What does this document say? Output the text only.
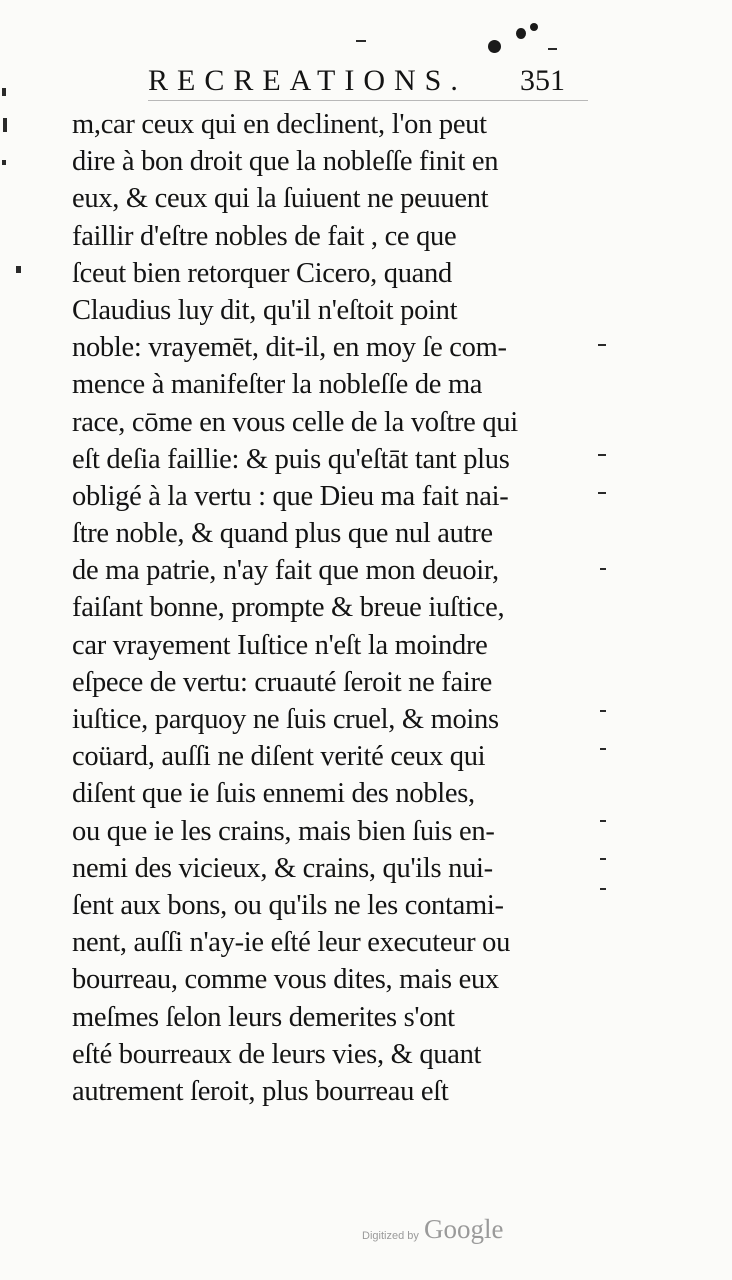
RECREATIONS. 351
m,car ceux qui en declinent, l'on peut
dire à bon droit que la nobleſſe finit en
eux, & ceux qui la ſuiuent ne peuuent
faillir d'eſtre nobles de fait , ce que
ſceut bien retorquer Cicero, quand
Claudius luy dit, qu'il n'eſtoit point
noble: vrayemēt, dit-il, en moy ſe com-
mence à manifeſter la nobleſſe de ma
race, cōme en vous celle de la voſtre qui
eſt deſia faillie: & puis qu'eſtāt tant plus
obligé à la vertu : que Dieu ma fait nai-
ſtre noble, & quand plus que nul autre
de ma patrie, n'ay fait que mon deuoir,
faiſant bonne, prompte & breue iuſtice,
car vrayement Iuſtice n'eſt la moindre
eſpece de vertu: cruauté ſeroit ne faire
iuſtice, parquoy ne ſuis cruel, & moins
coüard, auſſi ne diſent verité ceux qui
diſent que ie ſuis ennemi des nobles,
ou que ie les crains, mais bien ſuis en-
nemi des vicieux, & crains, qu'ils nui-
ſent aux bons, ou qu'ils ne les contami-
nent, auſſi n'ay-ie eſté leur executeur ou
bourreau, comme vous dites, mais eux
meſmes ſelon leurs demerites s'ont
eſté bourreaux de leurs vies, & quant
autrement ſeroit, plus bourreau eſt
Digitized by Google
